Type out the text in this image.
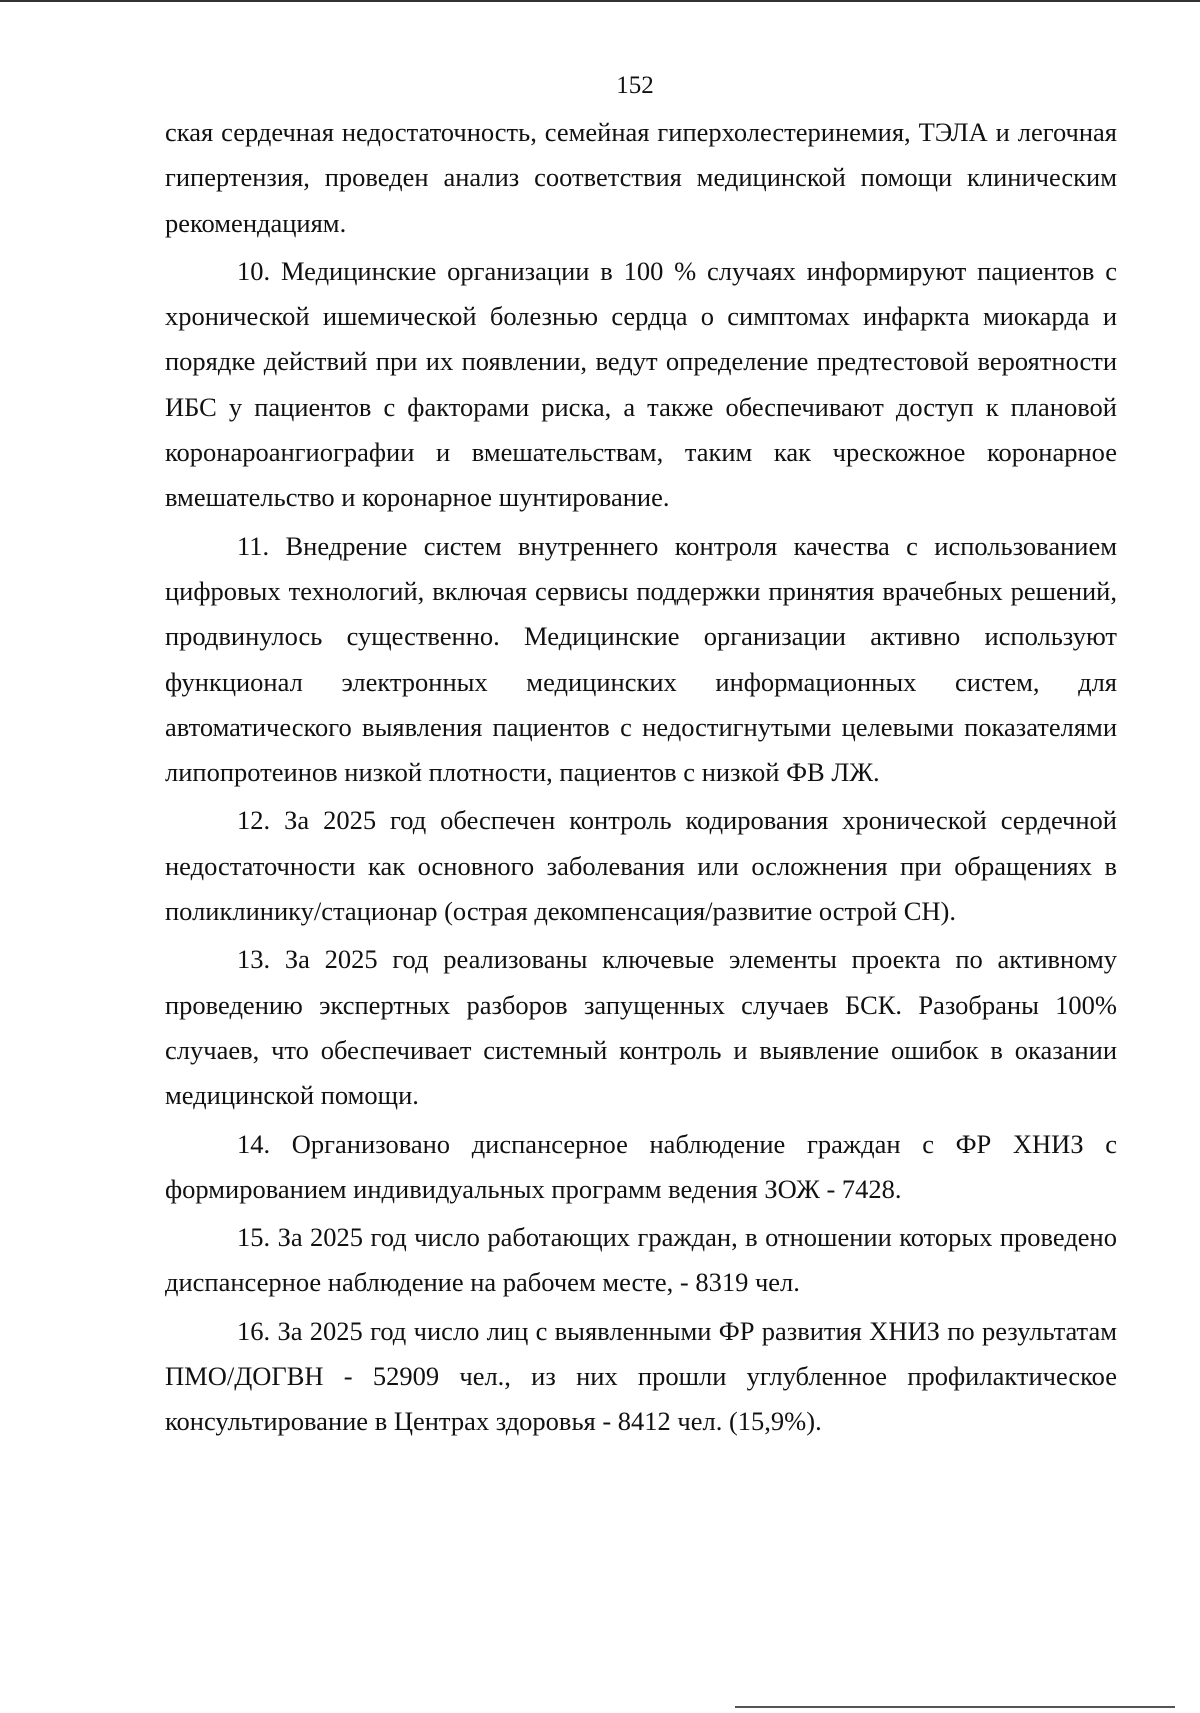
152

ская сердечная недостаточность, семейная гиперхолестеринемия, ТЭЛА и легочная гипертензия, проведен анализ соответствия медицинской помощи клиническим рекомендациям.

10. Медицинские организации в 100 % случаях информируют пациентов с хронической ишемической болезнью сердца о симптомах инфаркта миокарда и порядке действий при их появлении, ведут определение предтестовой вероятности ИБС у пациентов с факторами риска, а также обеспечивают доступ к плановой коронароангиографии и вмешательствам, таким как чрескожное коронарное вмешательство и коронарное шунтирование.

11. Внедрение систем внутреннего контроля качества с использованием цифровых технологий, включая сервисы поддержки принятия врачебных решений, продвинулось существенно. Медицинские организации активно используют функционал электронных медицинских информационных систем, для автоматического выявления пациентов с недостигнутыми целевыми показателями липопротеинов низкой плотности, пациентов с низкой ФВ ЛЖ.

12. За 2025 год обеспечен контроль кодирования хронической сердечной недостаточности как основного заболевания или осложнения при обращениях в поликлинику/стационар (острая декомпенсация/развитие острой СН).

13. За 2025 год реализованы ключевые элементы проекта по активному проведению экспертных разборов запущенных случаев БСК. Разобраны 100% случаев, что обеспечивает системный контроль и выявление ошибок в оказании медицинской помощи.

14. Организовано диспансерное наблюдение граждан с ФР ХНИЗ с формированием индивидуальных программ ведения ЗОЖ - 7428.

15. За 2025 год число работающих граждан, в отношении которых проведено диспансерное наблюдение на рабочем месте, - 8319 чел.

16. За 2025 год число лиц с выявленными ФР развития ХНИЗ по результатам ПМО/ДОГВН - 52909 чел., из них прошли углубленное профилактическое консультирование в Центрах здоровья - 8412 чел. (15,9%).
